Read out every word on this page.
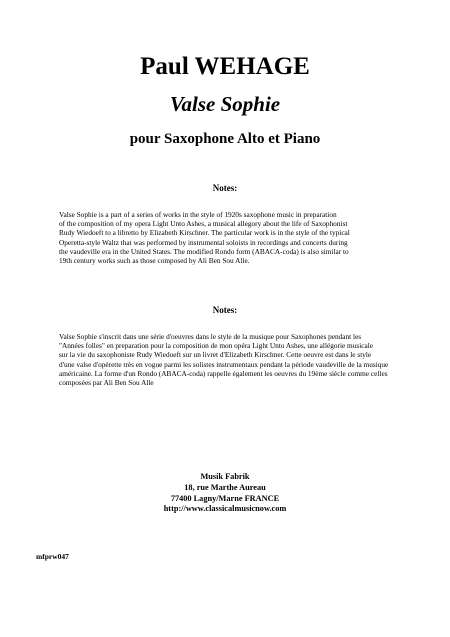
Paul WEHAGE
Valse Sophie
pour Saxophone Alto et Piano
Notes:

Valse Sophie is a part of a series of works in the style of 1920s saxophone music in preparation
of the composition of my opera Light Unto Ashes, a musical allegory about the life of Saxophonist
Rudy Wiedoeft to a libretto by Elizabeth Kirschner. The particular work is in the style of the typical
Operetta-style Waltz that was performed by instrumental soloists in recordings and concerts during
the vaudeville era in the United States. The modified Rondo form (ABACA-coda) is also similar to
19th century works such as those composed by Ali Ben Sou Alle.

Notes:

Valse Sophie s'inscrit dans une série d'oeuvres dans le style de la musique pour Saxophones pendant les
"Années folles" en preparation pour la composition de mon opéra Light Unto Ashes, une allégorie musicale
sur la vie du saxophoniste Rudy Wiedoeft sur un livret d'Elizabeth Kirschner. Cette oeuvre est dans le style
d'une valse d'opérette très en vogue parmi les solistes instrumentaux pendant la période vaudeville de la musique
américaine. La forme d'un Rondo (ABACA-coda) rappelle également les oeuvres du 19ème siècle comme celles
composées par Ali Ben Sou Alle

Musik Fabrik
18, rue Marthe Aureau
77400 Lagny/Marne FRANCE
http://www.classicalmusicnow.com
mfprw047
